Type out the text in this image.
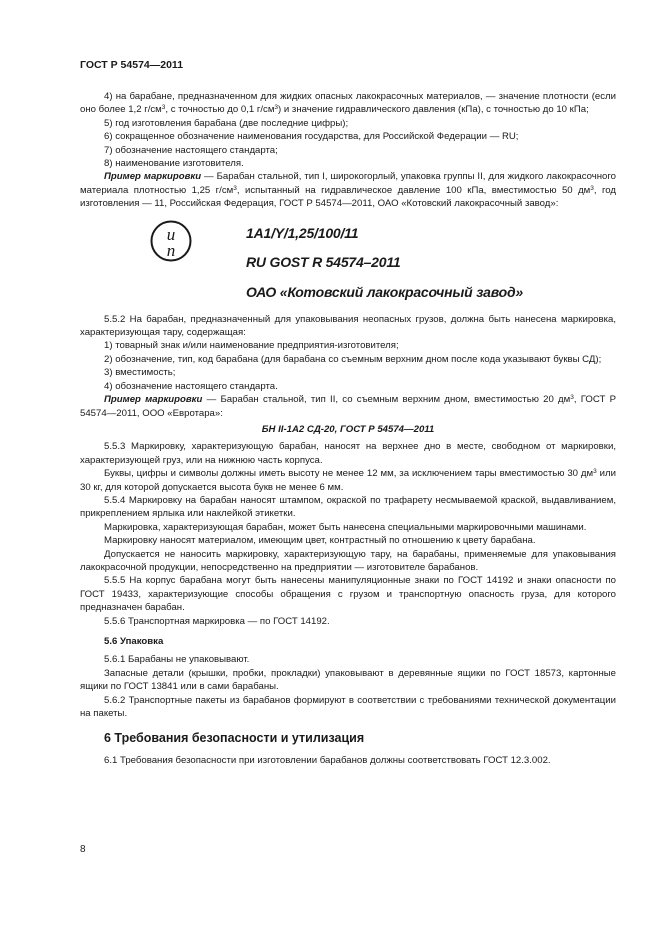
ГОСТ Р 54574—2011
4) на барабане, предназначенном для жидких опасных лакокрасочных материалов, — значение плотности (если оно более 1,2 $г/см^3$, с точностью до 0,1 $г/см^3$) и значение гидравлического давления (кПа), с точностью до 10 кПа;
5) год изготовления барабана (две последние цифры);
6) сокращенное обозначение наименования государства, для Российской Федерации — RU;
7) обозначение настоящего стандарта;
8) наименование изготовителя.
Пример маркировки — Барабан стальной, тип I, широкогорлый, упаковка группы II, для жидкого лакокрасочного материала плотностью 1,25 $г/см^3$, испытанный на гидравлическое давление 100 кПа, вместимостью 50 $дм^3$, год изготовления — 11, Российская Федерация, ГОСТ Р 54574—2011, ОАО «Котовский лакокрасочный завод»:
u
n
1A1/Y/1,25/100/11
RU GOST R 54574–2011
ОАО «Котовский лакокрасочный завод»
5.5.2 На барабан, предназначенный для упаковывания неопасных грузов, должна быть нанесена маркировка, характеризующая тару, содержащая:
1) товарный знак и/или наименование предприятия-изготовителя;
2) обозначение, тип, код барабана (для барабана со съемным верхним дном после кода указывают буквы СД);
3) вместимость;
4) обозначение настоящего стандарта.
Пример маркировки — Барабан стальной, тип II, со съемным верхним дном, вместимостью 20 $дм^3$, ГОСТ Р 54574—2011, ООО «Евротара»:
БН II-1А2 СД-20, ГОСТ Р 54574—2011
5.5.3 Маркировку, характеризующую барабан, наносят на верхнее дно в месте, свободном от маркировки, характеризующей груз, или на нижнюю часть корпуса.
Буквы, цифры и символы должны иметь высоту не менее 12 мм, за исключением тары вместимостью 30 $дм^3$ или 30 кг, для которой допускается высота букв не менее 6 мм.
5.5.4 Маркировку на барабан наносят штампом, окраской по трафарету несмываемой краской, выдавливанием, прикреплением ярлыка или наклейкой этикетки.
Маркировка, характеризующая барабан, может быть нанесена специальными маркировочными машинами.
Маркировку наносят материалом, имеющим цвет, контрастный по отношению к цвету барабана.
Допускается не наносить маркировку, характеризующую тару, на барабаны, применяемые для упаковывания лакокрасочной продукции, непосредственно на предприятии — изготовителе барабанов.
5.5.5 На корпус барабана могут быть нанесены манипуляционные знаки по ГОСТ 14192 и знаки опасности по ГОСТ 19433, характеризующие способы обращения с грузом и транспортную опасность груза, для которого предназначен барабан.
5.5.6 Транспортная маркировка — по ГОСТ 14192.
5.6 Упаковка
5.6.1 Барабаны не упаковывают.
Запасные детали (крышки, пробки, прокладки) упаковывают в деревянные ящики по ГОСТ 18573, картонные ящики по ГОСТ 13841 или в сами барабаны.
5.6.2 Транспортные пакеты из барабанов формируют в соответствии с требованиями технической документации на пакеты.
6 Требования безопасности и утилизация
6.1 Требования безопасности при изготовлении барабанов должны соответствовать ГОСТ 12.3.002.
8
